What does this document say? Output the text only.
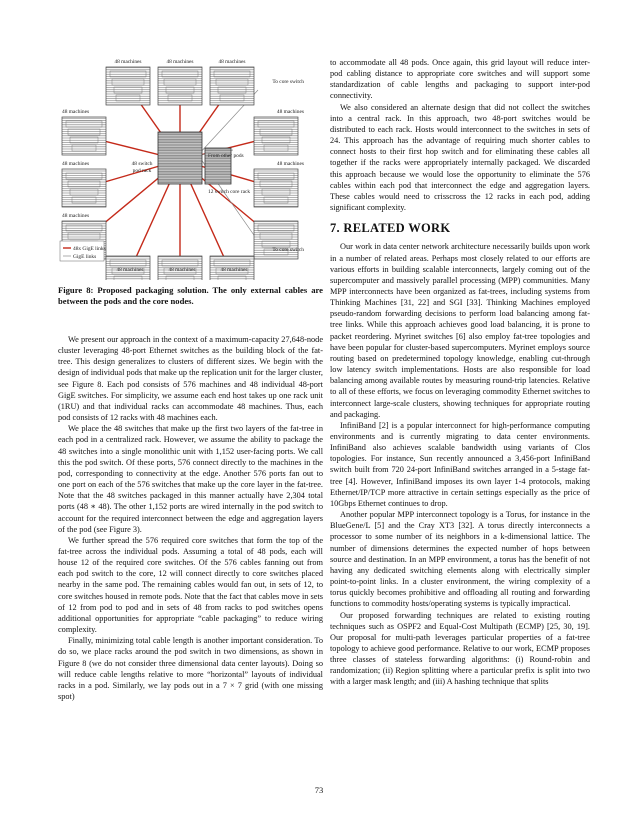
48 machines	48 machines	48 machines
48 machines	48 machines
48 machines	48 machines
48 machines
48 machines	48 machines	48 machines
To core switch
To core switch
From other pods
48 switch
pod rack
12 switch core rack
48x GigE links
GigE links
Figure 8: Proposed packaging solution. The only external cables are between the pods and the core nodes.

We present our approach in the context of a maximum-capacity 27,648-node cluster leveraging 48-port Ethernet switches as the building block of the fat-tree. This design generalizes to clusters of different sizes. We begin with the design of individual pods that make up the replication unit for the larger cluster, see Figure 8. Each pod consists of 576 machines and 48 individual 48-port GigE switches. For simplicity, we assume each end host takes up one rack unit (1RU) and that individual racks can accommodate 48 machines. Thus, each pod consists of 12 racks with 48 machines each.

We place the 48 switches that make up the first two layers of the fat-tree in each pod in a centralized rack. However, we assume the ability to package the 48 switches into a single monolithic unit with 1,152 user-facing ports. We call this the pod switch. Of these ports, 576 connect directly to the machines in the pod, corresponding to connectivity at the edge. Another 576 ports fan out to one port on each of the 576 switches that make up the core layer in the fat-tree. Note that the 48 switches packaged in this manner actually have 2,304 total ports (48 ∗ 48). The other 1,152 ports are wired internally in the pod switch to account for the required interconnect between the edge and aggregation layers of the pod (see Figure 3).

We further spread the 576 required core switches that form the top of the fat-tree across the individual pods. Assuming a total of 48 pods, each will house 12 of the required core switches. Of the 576 cables fanning out from each pod switch to the core, 12 will connect directly to core switches placed nearby in the same pod. The remaining cables would fan out, in sets of 12, to core switches housed in remote pods. Note that the fact that cables move in sets of 12 from pod to pod and in sets of 48 from racks to pod switches opens additional opportunities for appropriate “cable packaging” to reduce wiring complexity.

Finally, minimizing total cable length is another important consideration. To do so, we place racks around the pod switch in two dimensions, as shown in Figure 8 (we do not consider three dimensional data center layouts). Doing so will reduce cable lengths relative to more “horizontal” layouts of individual racks in a pod. Similarly, we lay pods out in a 7 × 7 grid (with one missing spot)

to accommodate all 48 pods. Once again, this grid layout will reduce inter-pod cabling distance to appropriate core switches and will support some standardization of cable lengths and packaging to support inter-pod connectivity.

We also considered an alternate design that did not collect the switches into a central rack. In this approach, two 48-port switches would be distributed to each rack. Hosts would interconnect to the switches in sets of 24. This approach has the advantage of requiring much shorter cables to connect hosts to their first hop switch and for eliminating these cables all together if the racks were appropriately internally packaged. We discarded this approach because we would lose the opportunity to eliminate the 576 cables within each pod that interconnect the edge and aggregation layers. These cables would need to crisscross the 12 racks in each pod, adding significant complexity.

7. RELATED WORK

Our work in data center network architecture necessarily builds upon work in a number of related areas. Perhaps most closely related to our efforts are various efforts in building scalable interconnects, largely coming out of the supercomputer and massively parallel processing (MPP) communities. Many MPP interconnects have been organized as fat-trees, including systems from Thinking Machines [31, 22] and SGI [33]. Thinking Machines employed pseudo-random forwarding decisions to perform load balancing among fat-tree links. While this approach achieves good load balancing, it is prone to packet reordering. Myrinet switches [6] also employ fat-tree topologies and have been popular for cluster-based supercomputers. Myrinet employs source routing based on predetermined topology knowledge, enabling cut-through low latency switch implementations. Hosts are also responsible for load balancing among available routes by measuring round-trip latencies. Relative to all of these efforts, we focus on leveraging commodity Ethernet switches to interconnect large-scale clusters, showing techniques for appropriate routing and packaging.

InfiniBand [2] is a popular interconnect for high-performance computing environments and is currently migrating to data center environments. InfiniBand also achieves scalable bandwidth using variants of Clos topologies. For instance, Sun recently announced a 3,456-port InfiniBand switch built from 720 24-port InfiniBand switches arranged in a 5-stage fat-tree [4]. However, InfiniBand imposes its own layer 1-4 protocols, making Ethernet/IP/TCP more attractive in certain settings especially as the price of 10Gbps Ethernet continues to drop.

Another popular MPP interconnect topology is a Torus, for instance in the BlueGene/L [5] and the Cray XT3 [32]. A torus directly interconnects a processor to some number of its neighbors in a k-dimensional lattice. The number of dimensions determines the expected number of hops between source and destination. In an MPP environment, a torus has the benefit of not having any dedicated switching elements along with electrically simpler point-to-point links. In a cluster environment, the wiring complexity of a torus quickly becomes prohibitive and offloading all routing and forwarding functions to commodity hosts/operating systems is typically impractical.

Our proposed forwarding techniques are related to existing routing techniques such as OSPF2 and Equal-Cost Multipath (ECMP) [25, 30, 19]. Our proposal for multi-path leverages particular properties of a fat-tree topology to achieve good performance. Relative to our work, ECMP proposes three classes of stateless forwarding algorithms: (i) Round-robin and randomization; (ii) Region splitting where a particular prefix is split into two with a larger mask length; and (iii) A hashing technique that splits

73
